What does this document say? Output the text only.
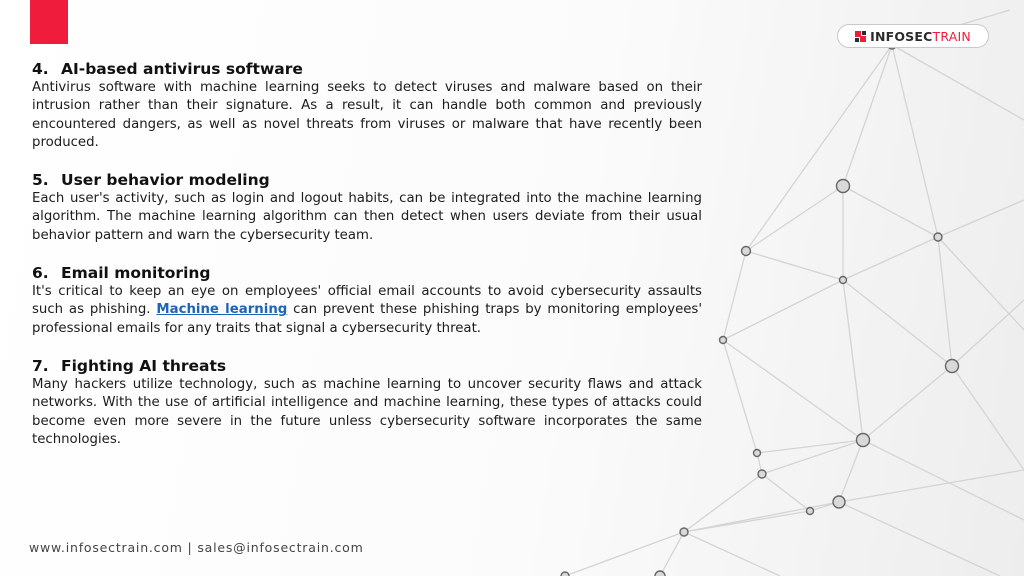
INFOSECTRAIN

4. AI-based antivirus software

Antivirus software with machine learning seeks to detect viruses and malware based on their intrusion rather than their signature. As a result, it can handle both common and previously encountered dangers, as well as novel threats from viruses or malware that have recently been produced.

5. User behavior modeling

Each user's activity, such as login and logout habits, can be integrated into the machine learning algorithm. The machine learning algorithm can then detect when users deviate from their usual behavior pattern and warn the cybersecurity team.

6. Email monitoring

It's critical to keep an eye on employees' official email accounts to avoid cybersecurity assaults such as phishing. Machine learning can prevent these phishing traps by monitoring employees' professional emails for any traits that signal a cybersecurity threat.

7. Fighting AI threats

Many hackers utilize technology, such as machine learning to uncover security flaws and attack networks. With the use of artificial intelligence and machine learning, these types of attacks could become even more severe in the future unless cybersecurity software incorporates the same technologies.

www.infosectrain.com | sales@infosectrain.com
